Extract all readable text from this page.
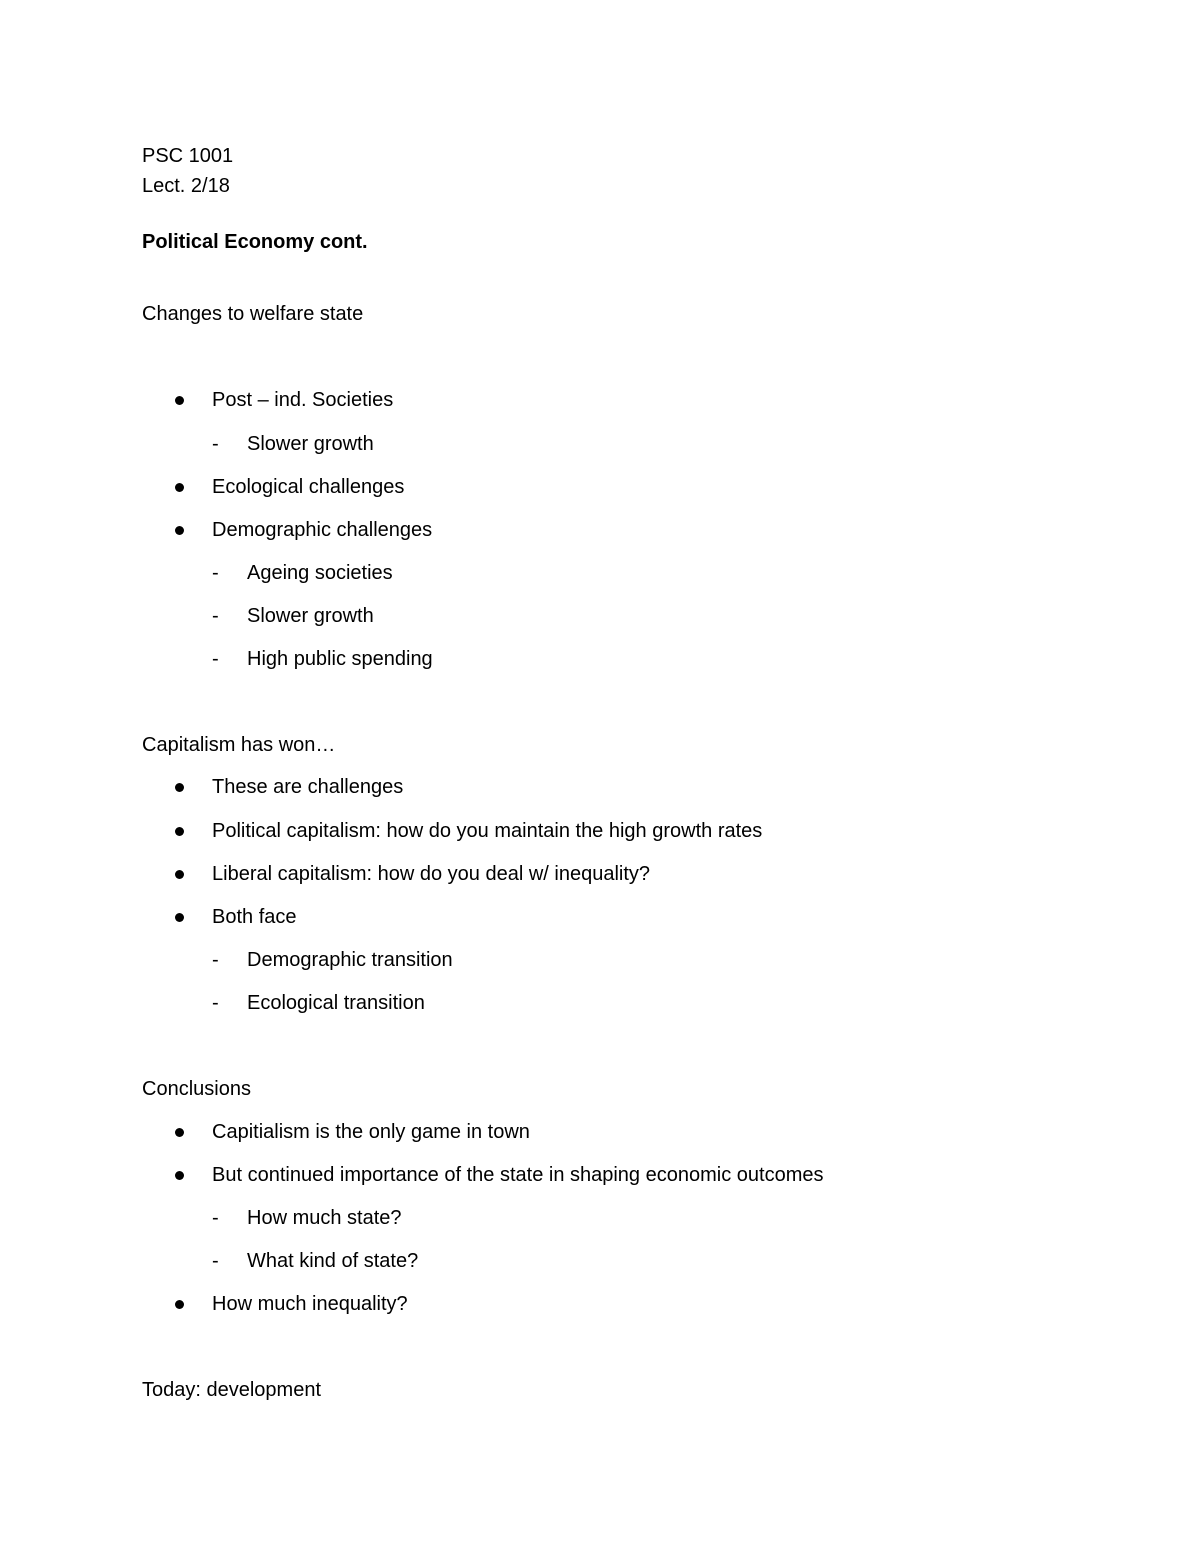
PSC 1001
Lect. 2/18
Political Economy cont.
Changes to welfare state
Post – ind. Societies
- Slower growth
Ecological challenges
Demographic challenges
- Ageing societies
- Slower growth
- High public spending
Capitalism has won…
These are challenges
Political capitalism: how do you maintain the high growth rates
Liberal capitalism: how do you deal w/ inequality?
Both face
- Demographic transition
- Ecological transition
Conclusions
Capitialism is the only game in town
But continued importance of the state in shaping economic outcomes
- How much state?
- What kind of state?
How much inequality?
Today: development
